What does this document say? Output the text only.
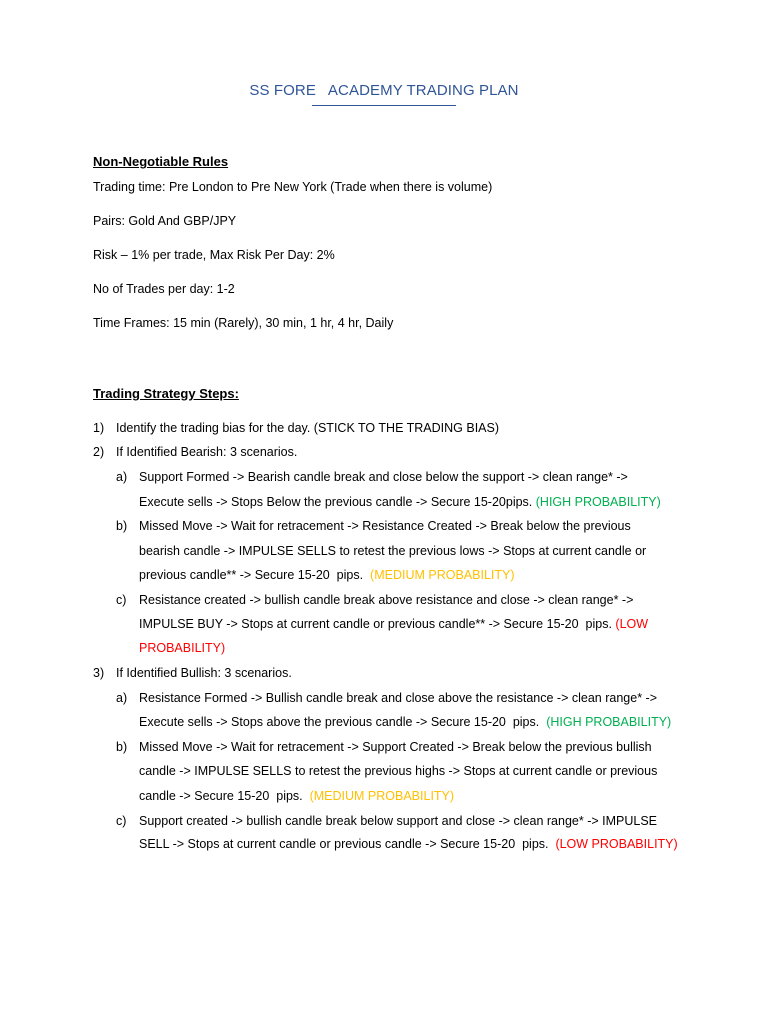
SS FORE   ACADEMY TRADING PLAN
Non-Negotiable Rules
Trading time: Pre London to Pre New York (Trade when there is volume)
Pairs: Gold And GBP/JPY
Risk – 1% per trade, Max Risk Per Day: 2%
No of Trades per day: 1-2
Time Frames: 15 min (Rarely), 30 min, 1 hr, 4 hr, Daily
Trading Strategy Steps:
1) Identify the trading bias for the day. (STICK TO THE TRADING BIAS)
2) If Identified Bearish: 3 scenarios.
a) Support Formed -> Bearish candle break and close below the support -> clean range* ->
Execute sells -> Stops Below the previous candle -> Secure 15-20pips. (HIGH PROBABILITY)
b) Missed Move -> Wait for retracement -> Resistance Created -> Break below the previous
bearish candle -> IMPULSE SELLS to retest the previous lows -> Stops at current candle or
previous candle** -> Secure 15-20  pips.  (MEDIUM PROBABILITY)
c) Resistance created -> bullish candle break above resistance and close -> clean range* ->
IMPULSE BUY -> Stops at current candle or previous candle** -> Secure 15-20  pips. (LOW
PROBABILITY)
3) If Identified Bullish: 3 scenarios.
a) Resistance Formed -> Bullish candle break and close above the resistance -> clean range* ->
Execute sells -> Stops above the previous candle -> Secure 15-20  pips.  (HIGH PROBABILITY)
b) Missed Move -> Wait for retracement -> Support Created -> Break below the previous bullish
candle -> IMPULSE SELLS to retest the previous highs -> Stops at current candle or previous
candle -> Secure 15-20  pips.  (MEDIUM PROBABILITY)
c) Support created -> bullish candle break below support and close -> clean range* -> IMPULSE
SELL -> Stops at current candle or previous candle -> Secure 15-20  pips.  (LOW PROBABILITY)
